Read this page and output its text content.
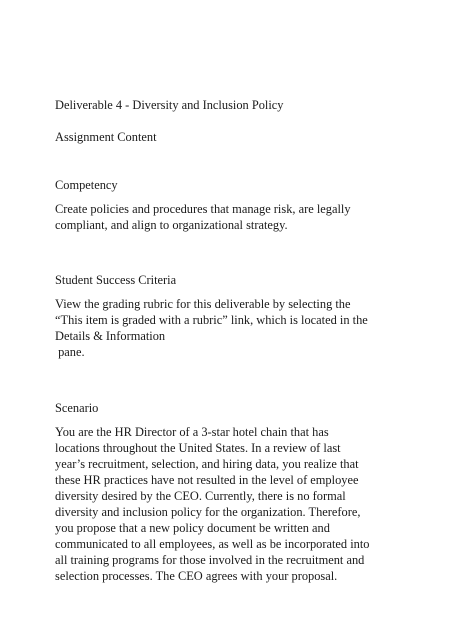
Deliverable 4 - Diversity and Inclusion Policy

Assignment Content

Competency

Create policies and procedures that manage risk, are legally

compliant, and align to organizational strategy.

Student Success Criteria

View the grading rubric for this deliverable by selecting the

“This item is graded with a rubric” link, which is located in the

Details & Information

pane.

Scenario

You are the HR Director of a 3-star hotel chain that has

locations throughout the United States. In a review of last

year’s recruitment, selection, and hiring data, you realize that

these HR practices have not resulted in the level of employee

diversity desired by the CEO. Currently, there is no formal

diversity and inclusion policy for the organization. Therefore,

you propose that a new policy document be written and

communicated to all employees, as well as be incorporated into

all training programs for those involved in the recruitment and

selection processes. The CEO agrees with your proposal.
